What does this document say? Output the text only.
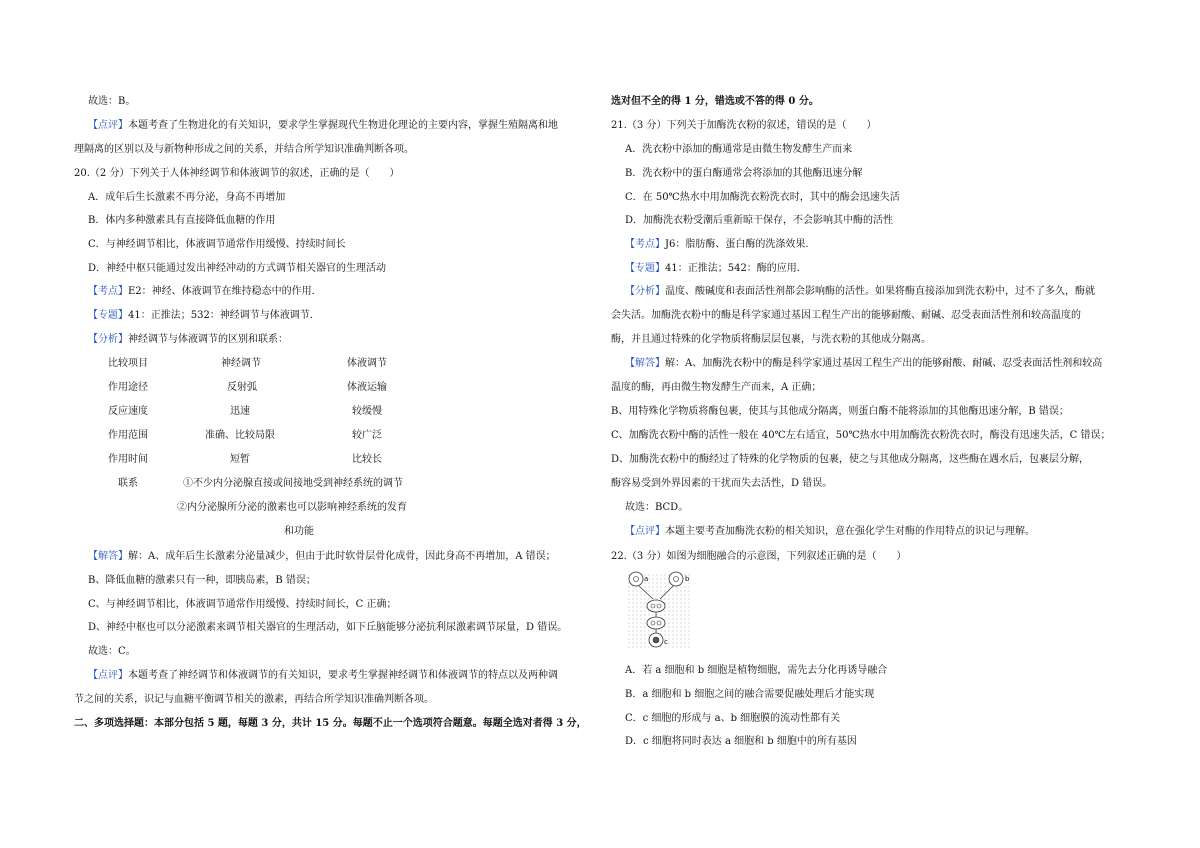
故选：B。
【点评】本题考查了生物进化的有关知识，要求学生掌握现代生物进化理论的主要内容，掌握生殖隔离和地
理隔离的区别以及与新物种形成之间的关系，并结合所学知识准确判断各项。
20.（2 分）下列关于人体神经调节和体液调节的叙述，正确的是（　　）
A．成年后生长激素不再分泌，身高不再增加
B．体内多种激素具有直接降低血糖的作用
C．与神经调节相比，体液调节通常作用缓慢、持续时间长
D．神经中枢只能通过发出神经冲动的方式调节相关器官的生理活动
【考点】E2：神经、体液调节在维持稳态中的作用．
【专题】41：正推法；532：神经调节与体液调节．
【分析】神经调节与体液调节的区别和联系：
比较项目	神经调节	体液调节
作用途径	反射弧	体液运输
反应速度	迅速	较缓慢
作用范围	准确、比较局限	较广泛
作用时间	短暂	比较长
联系	①不少内分泌腺直接或间接地受到神经系统的调节
②内分泌腺所分泌的激素也可以影响神经系统的发育
和功能
【解答】解：A、成年后生长激素分泌量减少，但由于此时软骨层骨化成骨，因此身高不再增加，A 错误；
B、降低血糖的激素只有一种，即胰岛素，B 错误；
C、与神经调节相比，体液调节通常作用缓慢、持续时间长，C 正确；
D、神经中枢也可以分泌激素来调节相关器官的生理活动，如下丘脑能够分泌抗利尿激素调节尿量，D 错误。
故选：C。
【点评】本题考查了神经调节和体液调节的有关知识，要求考生掌握神经调节和体液调节的特点以及两种调
节之间的关系，识记与血糖平衡调节相关的激素，再结合所学知识准确判断各项。
二、多项选择题：本部分包括 5 题，每题 3 分，共计 15 分。每题不止一个选项符合题意。每题全选对者得 3 分，
选对但不全的得 1 分，错选或不答的得 0 分。
21.（3 分）下列关于加酶洗衣粉的叙述，错误的是（　　）
A．洗衣粉中添加的酶通常是由微生物发酵生产而来
B．洗衣粉中的蛋白酶通常会将添加的其他酶迅速分解
C．在 50℃热水中用加酶洗衣粉洗衣时，其中的酶会迅速失活
D．加酶洗衣粉受潮后重新晾干保存，不会影响其中酶的活性
【考点】J6：脂肪酶、蛋白酶的洗涤效果．
【专题】41：正推法；542：酶的应用．
【分析】温度、酸碱度和表面活性剂都会影响酶的活性。如果将酶直接添加到洗衣粉中，过不了多久，酶就
会失活。加酶洗衣粉中的酶是科学家通过基因工程生产出的能够耐酸、耐碱、忍受表面活性剂和较高温度的
酶，并且通过特殊的化学物质将酶层层包裹，与洗衣粉的其他成分隔离。
【解答】解：A、加酶洗衣粉中的酶是科学家通过基因工程生产出的能够耐酸、耐碱、忍受表面活性剂和较高
温度的酶，再由微生物发酵生产而来，A 正确；
B、用特殊化学物质将酶包裹，使其与其他成分隔离，则蛋白酶不能将添加的其他酶迅速分解，B 错误；
C、加酶洗衣粉中酶的活性一般在 40℃左右适宜，50℃热水中用加酶洗衣粉洗衣时，酶没有迅速失活，C 错误；
D、加酶洗衣粉中的酶经过了特殊的化学物质的包裹，使之与其他成分隔离，这些酶在遇水后，包裹层分解，
酶容易受到外界因素的干扰而失去活性，D 错误。
故选：BCD。
【点评】本题主要考查加酶洗衣粉的相关知识，意在强化学生对酶的作用特点的识记与理解。
22.（3 分）如图为细胞融合的示意图，下列叙述正确的是（　　）
a	b
c
A．若 a 细胞和 b 细胞是植物细胞，需先去分化再诱导融合
B．a 细胞和 b 细胞之间的融合需要促融处理后才能实现
C．c 细胞的形成与 a、b 细胞膜的流动性都有关
D．c 细胞将同时表达 a 细胞和 b 细胞中的所有基因
